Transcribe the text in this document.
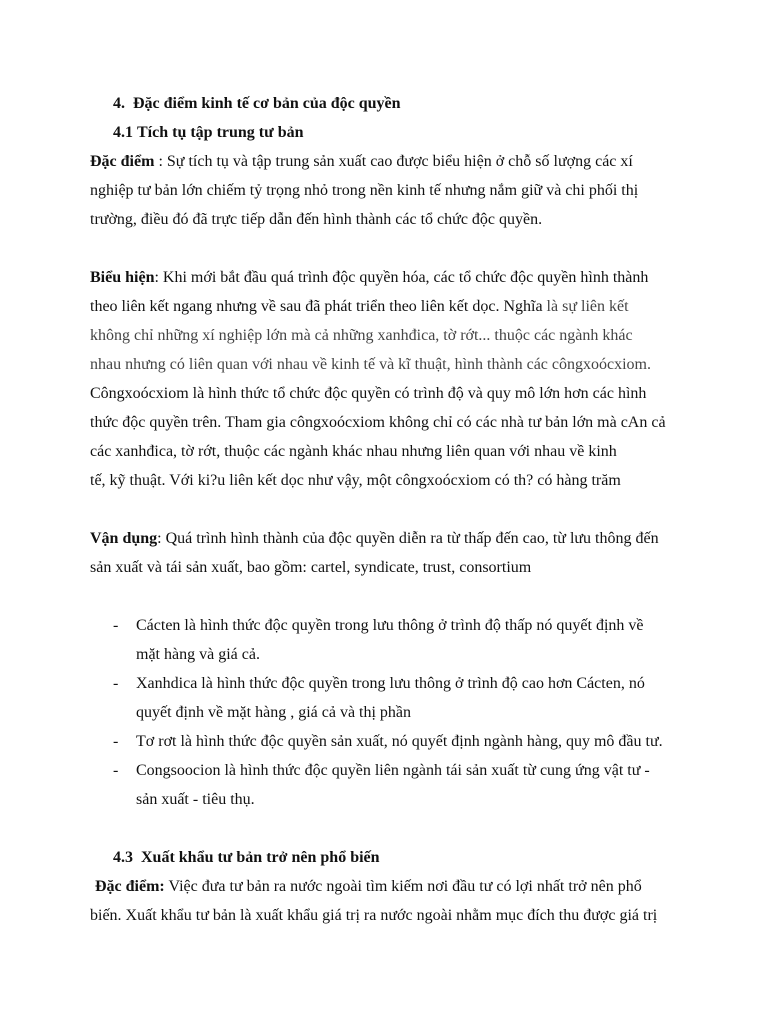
4. Đặc điểm kinh tế cơ bản của độc quyền
4.1 Tích tụ tập trung tư bản
Đặc điểm : Sự tích tụ và tập trung sản xuất cao được biểu hiện ở chỗ số lượng các xí
nghiệp tư bản lớn chiếm tỷ trọng nhỏ trong nền kinh tế nhưng nắm giữ và chi phối thị
trường, điều đó đã trực tiếp dẫn đến hình thành các tổ chức độc quyền.
Biểu hiện: Khi mới bắt đầu quá trình độc quyền hóa, các tổ chức độc quyền hình thành
theo liên kết ngang nhưng về sau đã phát triển theo liên kết dọc. Nghĩa là sự liên kết
không chỉ những xí nghiệp lớn mà cả những xanhđica, tờ rớt... thuộc các ngành khác
nhau nhưng có liên quan với nhau về kinh tế và kĩ thuật, hình thành các côngxoócxiom.
Côngxoócxiom là hình thức tổ chức độc quyền có trình độ và quy mô lớn hơn các hình
thức độc quyền trên. Tham gia côngxoócxiom không chỉ có các nhà tư bản lớn mà cAn cả
các xanhđica, tờ rớt, thuộc các ngành khác nhau nhưng liên quan với nhau về kinh
tế, kỹ thuật. Với ki?u liên kết dọc như vậy, một côngxoócxiom có th? có hàng trăm
Vận dụng: Quá trình hình thành của độc quyền diễn ra từ thấp đến cao, từ lưu thông đến
sản xuất và tái sản xuất, bao gồm: cartel, syndicate, trust, consortium
- Cácten là hình thức độc quyền trong lưu thông ở trình độ thấp nó quyết định về
mặt hàng và giá cả.
- Xanhdica là hình thức độc quyền trong lưu thông ở trình độ cao hơn Cácten, nó
quyết định về mặt hàng , giá cả và thị phần
- Tơ rơt là hình thức độc quyền sản xuất, nó quyết định ngành hàng, quy mô đầu tư.
- Congsoocion là hình thức độc quyền liên ngành tái sản xuất từ cung ứng vật tư -
sản xuất - tiêu thụ.
4.3 Xuất khẩu tư bản trở nên phổ biến
Đặc điểm: Việc đưa tư bản ra nước ngoài tìm kiếm nơi đầu tư có lợi nhất trở nên phổ
biến. Xuất khẩu tư bản là xuất khẩu giá trị ra nước ngoài nhằm mục đích thu được giá trị
